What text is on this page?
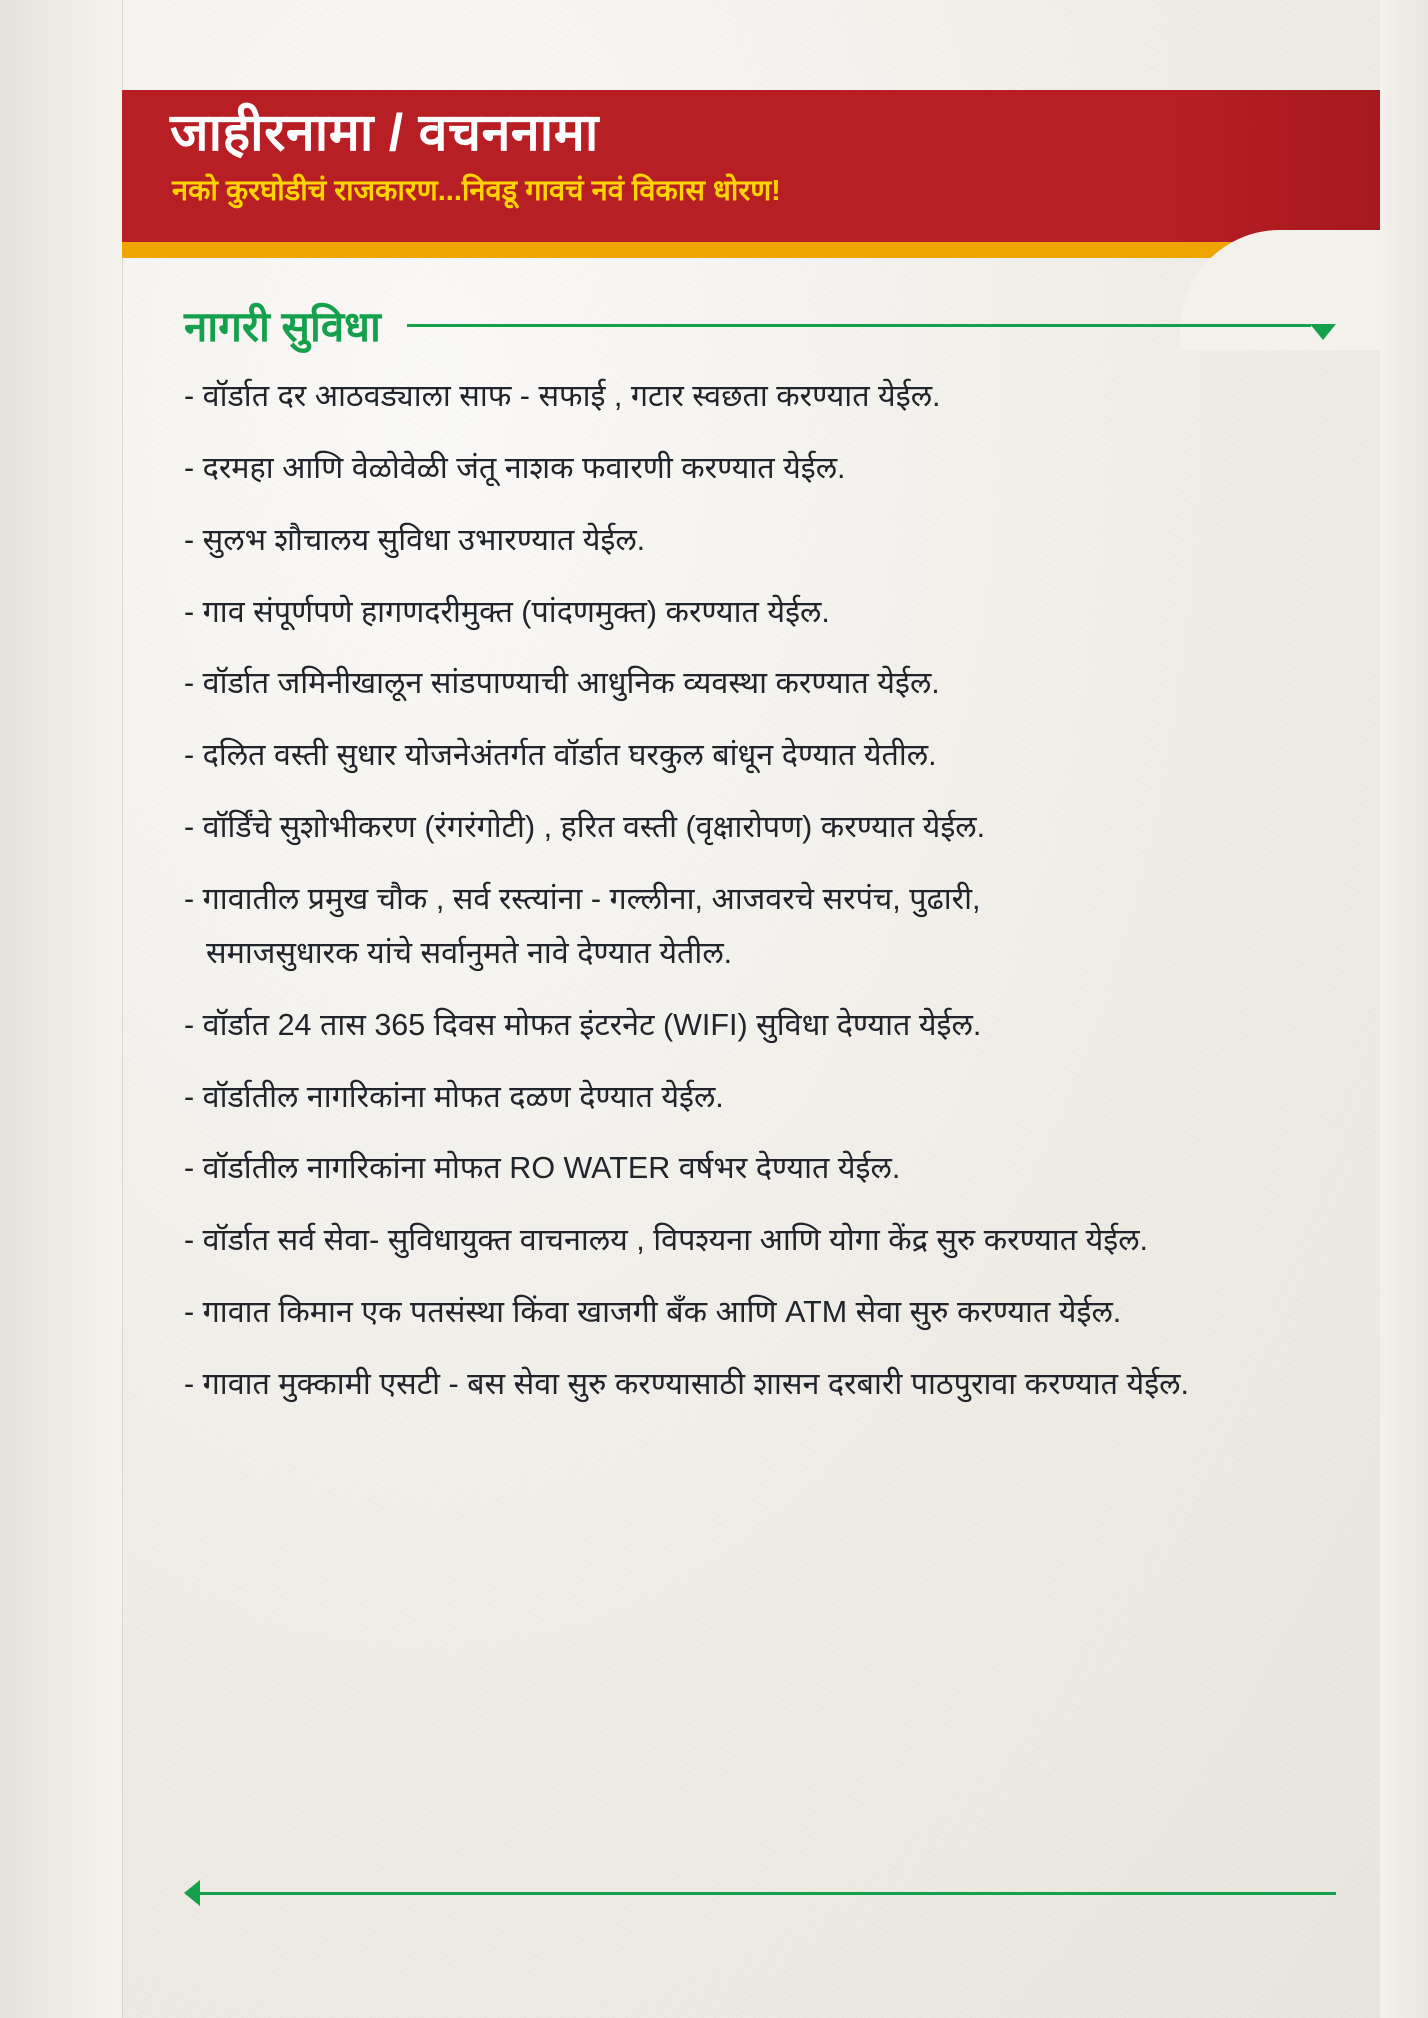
जाहीरनामा / वचननामा
नको कुरघोडीचं राजकारण...निवडू गावचं नवं विकास धोरण!
नागरी सुविधा
- वॉर्डात दर आठवड्याला साफ - सफाई , गटार स्वछता करण्यात येईल.
- दरमहा आणि वेळोवेळी जंतू नाशक फवारणी करण्यात येईल.
- सुलभ शौचालय सुविधा उभारण्यात येईल.
- गाव संपूर्णपणे हागणदरीमुक्त (पांदणमुक्त) करण्यात येईल.
- वॉर्डात जमिनीखालून सांडपाण्याची आधुनिक व्यवस्था करण्यात येईल.
- दलित वस्ती सुधार योजनेअंतर्गत वॉर्डात घरकुल बांधून देण्यात येतील.
- वॉर्डिंचे सुशोभीकरण (रंगरंगोटी) , हरित वस्ती (वृक्षारोपण) करण्यात येईल.
- गावातील प्रमुख चौक , सर्व रस्त्यांना - गल्लीना, आजवरचे सरपंच, पुढारी,
समाजसुधारक यांचे सर्वानुमते नावे देण्यात येतील.
- वॉर्डात 24 तास 365 दिवस मोफत इंटरनेट (WIFI) सुविधा देण्यात येईल.
- वॉर्डातील नागरिकांना मोफत दळण देण्यात येईल.
- वॉर्डातील नागरिकांना मोफत RO WATER वर्षभर देण्यात येईल.
- वॉर्डात सर्व सेवा- सुविधायुक्त वाचनालय , विपश्यना आणि योगा केंद्र सुरु करण्यात येईल.
- गावात किमान एक पतसंस्था किंवा खाजगी बँक आणि ATM सेवा सुरु करण्यात येईल.
- गावात मुक्कामी एसटी - बस सेवा सुरु करण्यासाठी शासन दरबारी पाठपुरावा करण्यात येईल.
